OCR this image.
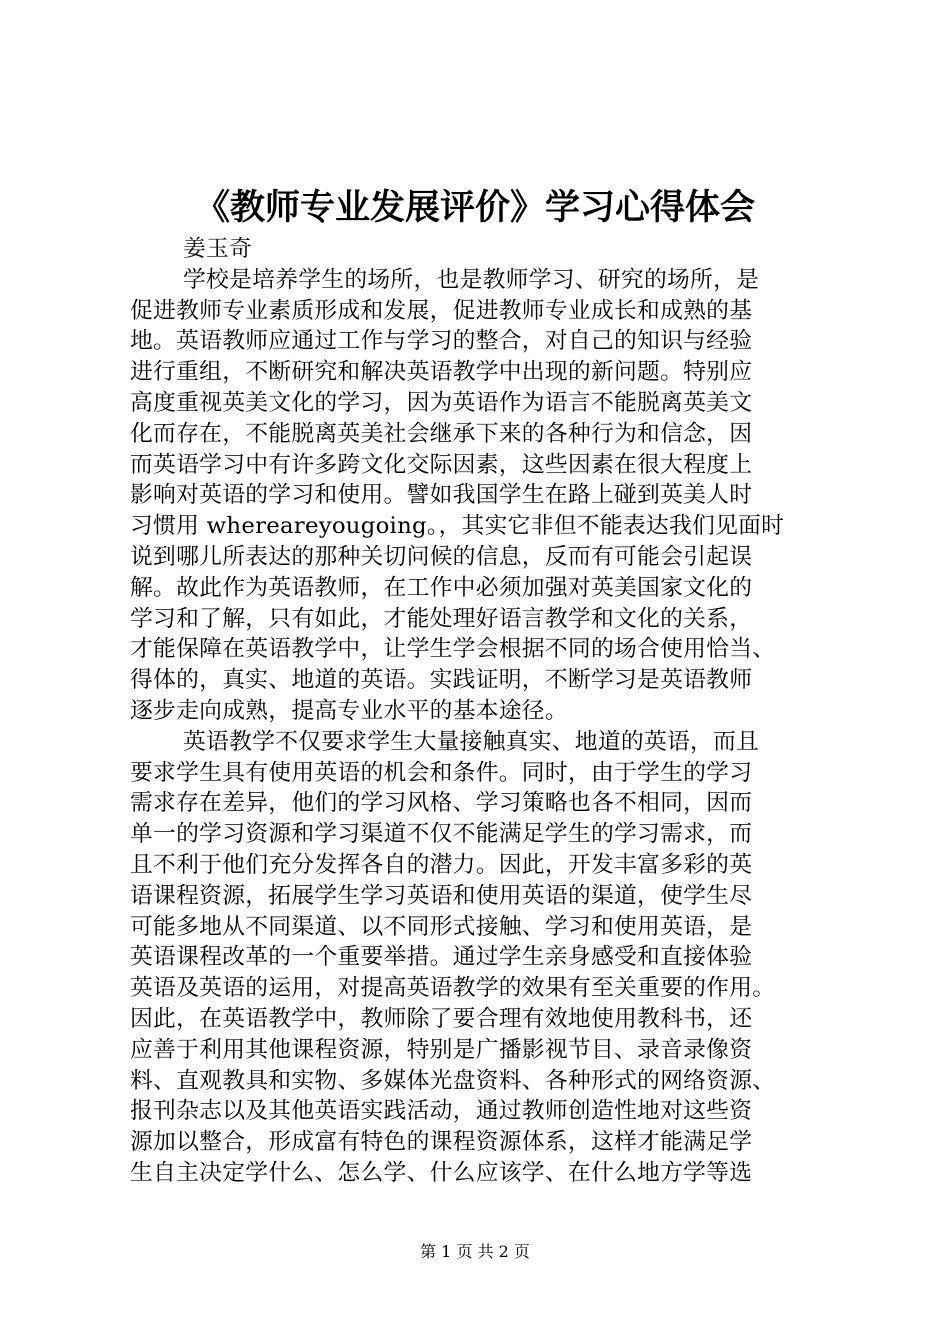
《教师专业发展评价》学习心得体会
姜玉奇
学校是培养学生的场所，也是教师学习、研究的场所，是
促进教师专业素质形成和发展，促进教师专业成长和成熟的基
地。英语教师应通过工作与学习的整合，对自己的知识与经验
进行重组，不断研究和解决英语教学中出现的新问题。特别应
高度重视英美文化的学习，因为英语作为语言不能脱离英美文
化而存在，不能脱离英美社会继承下来的各种行为和信念，因
而英语学习中有许多跨文化交际因素，这些因素在很大程度上
影响对英语的学习和使用。譬如我国学生在路上碰到英美人时
习惯用 whereareyougoing。，其实它非但不能表达我们见面时
说到哪儿所表达的那种关切问候的信息，反而有可能会引起误
解。故此作为英语教师，在工作中必须加强对英美国家文化的
学习和了解，只有如此，才能处理好语言教学和文化的关系，
才能保障在英语教学中，让学生学会根据不同的场合使用恰当、
得体的，真实、地道的英语。实践证明，不断学习是英语教师
逐步走向成熟，提高专业水平的基本途径。
英语教学不仅要求学生大量接触真实、地道的英语，而且
要求学生具有使用英语的机会和条件。同时，由于学生的学习
需求存在差异，他们的学习风格、学习策略也各不相同，因而
单一的学习资源和学习渠道不仅不能满足学生的学习需求，而
且不利于他们充分发挥各自的潜力。因此，开发丰富多彩的英
语课程资源，拓展学生学习英语和使用英语的渠道，使学生尽
可能多地从不同渠道、以不同形式接触、学习和使用英语，是
英语课程改革的一个重要举措。通过学生亲身感受和直接体验
英语及英语的运用，对提高英语教学的效果有至关重要的作用。
因此，在英语教学中，教师除了要合理有效地使用教科书，还
应善于利用其他课程资源，特别是广播影视节目、录音录像资
料、直观教具和实物、多媒体光盘资料、各种形式的网络资源、
报刊杂志以及其他英语实践活动，通过教师创造性地对这些资
源加以整合，形成富有特色的课程资源体系，这样才能满足学
生自主决定学什么、怎么学、什么应该学、在什么地方学等选
第 1 页 共 2 页
